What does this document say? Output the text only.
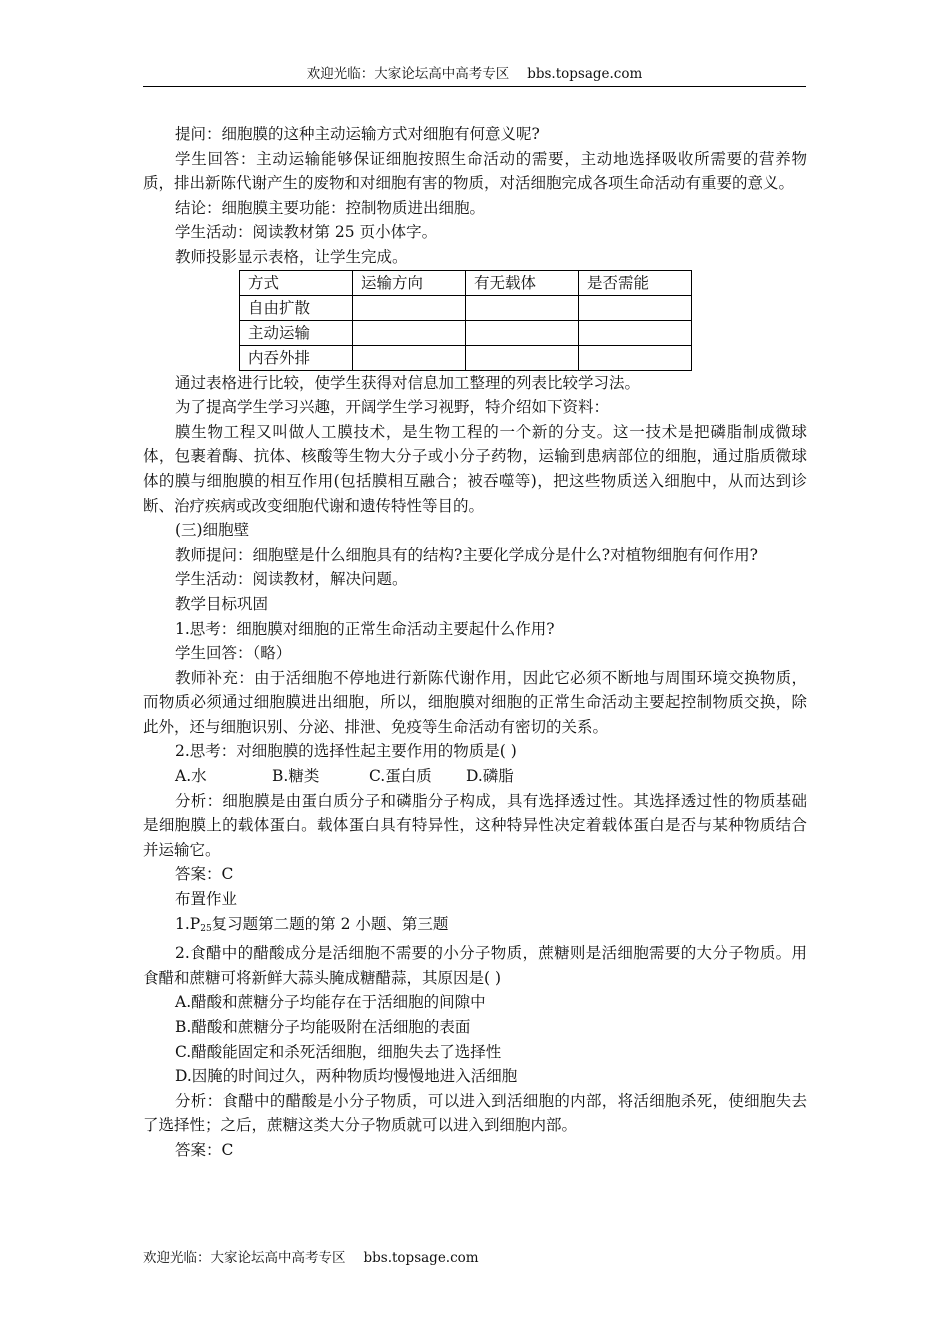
欢迎光临：大家论坛高中高考专区 bbs.topsage.com

提问：细胞膜的这种主动运输方式对细胞有何意义呢?

学生回答：主动运输能够保证细胞按照生命活动的需要，主动地选择吸收所需要的营养物质，排出新陈代谢产生的废物和对细胞有害的物质，对活细胞完成各项生命活动有重要的意义。

结论：细胞膜主要功能：控制物质进出细胞。

学生活动：阅读教材第 25 页小体字。

教师投影显示表格，让学生完成。

方式	运输方向	有无载体	是否需能
自由扩散			
主动运输			
内吞外排			

通过表格进行比较，使学生获得对信息加工整理的列表比较学习法。

为了提高学生学习兴趣，开阔学生学习视野，特介绍如下资料：

膜生物工程又叫做人工膜技术，是生物工程的一个新的分支。这一技术是把磷脂制成微球体，包裹着酶、抗体、核酸等生物大分子或小分子药物，运输到患病部位的细胞，通过脂质微球体的膜与细胞膜的相互作用(包括膜相互融合；被吞噬等)，把这些物质送入细胞中，从而达到诊断、治疗疾病或改变细胞代谢和遗传特性等目的。

(三)细胞壁

教师提问：细胞壁是什么细胞具有的结构?主要化学成分是什么?对植物细胞有何作用?

学生活动：阅读教材，解决问题。

教学目标巩固

1.思考：细胞膜对细胞的正常生命活动主要起什么作用?

学生回答：（略）

教师补充：由于活细胞不停地进行新陈代谢作用，因此它必须不断地与周围环境交换物质，而物质必须通过细胞膜进出细胞，所以，细胞膜对细胞的正常生命活动主要起控制物质交换，除此外，还与细胞识别、分泌、排泄、免疫等生命活动有密切的关系。

2.思考：对细胞膜的选择性起主要作用的物质是( )

A.水	B.糖类	C.蛋白质 D.磷脂

分析：细胞膜是由蛋白质分子和磷脂分子构成，具有选择透过性。其选择透过性的物质基础是细胞膜上的载体蛋白。载体蛋白具有特异性，这种特异性决定着载体蛋白是否与某种物质结合并运输它。

答案：C

布置作业

$1.P_{25}$复习题第二题的第 2 小题、第三题

2.食醋中的醋酸成分是活细胞不需要的小分子物质，蔗糖则是活细胞需要的大分子物质。用食醋和蔗糖可将新鲜大蒜头腌成糖醋蒜，其原因是( )

A.醋酸和蔗糖分子均能存在于活细胞的间隙中

B.醋酸和蔗糖分子均能吸附在活细胞的表面

C.醋酸能固定和杀死活细胞，细胞失去了选择性

D.因腌的时间过久，两种物质均慢慢地进入活细胞

分析：食醋中的醋酸是小分子物质，可以进入到活细胞的内部，将活细胞杀死，使细胞失去了选择性；之后，蔗糖这类大分子物质就可以进入到细胞内部。

答案：C

欢迎光临：大家论坛高中高考专区 bbs.topsage.com
